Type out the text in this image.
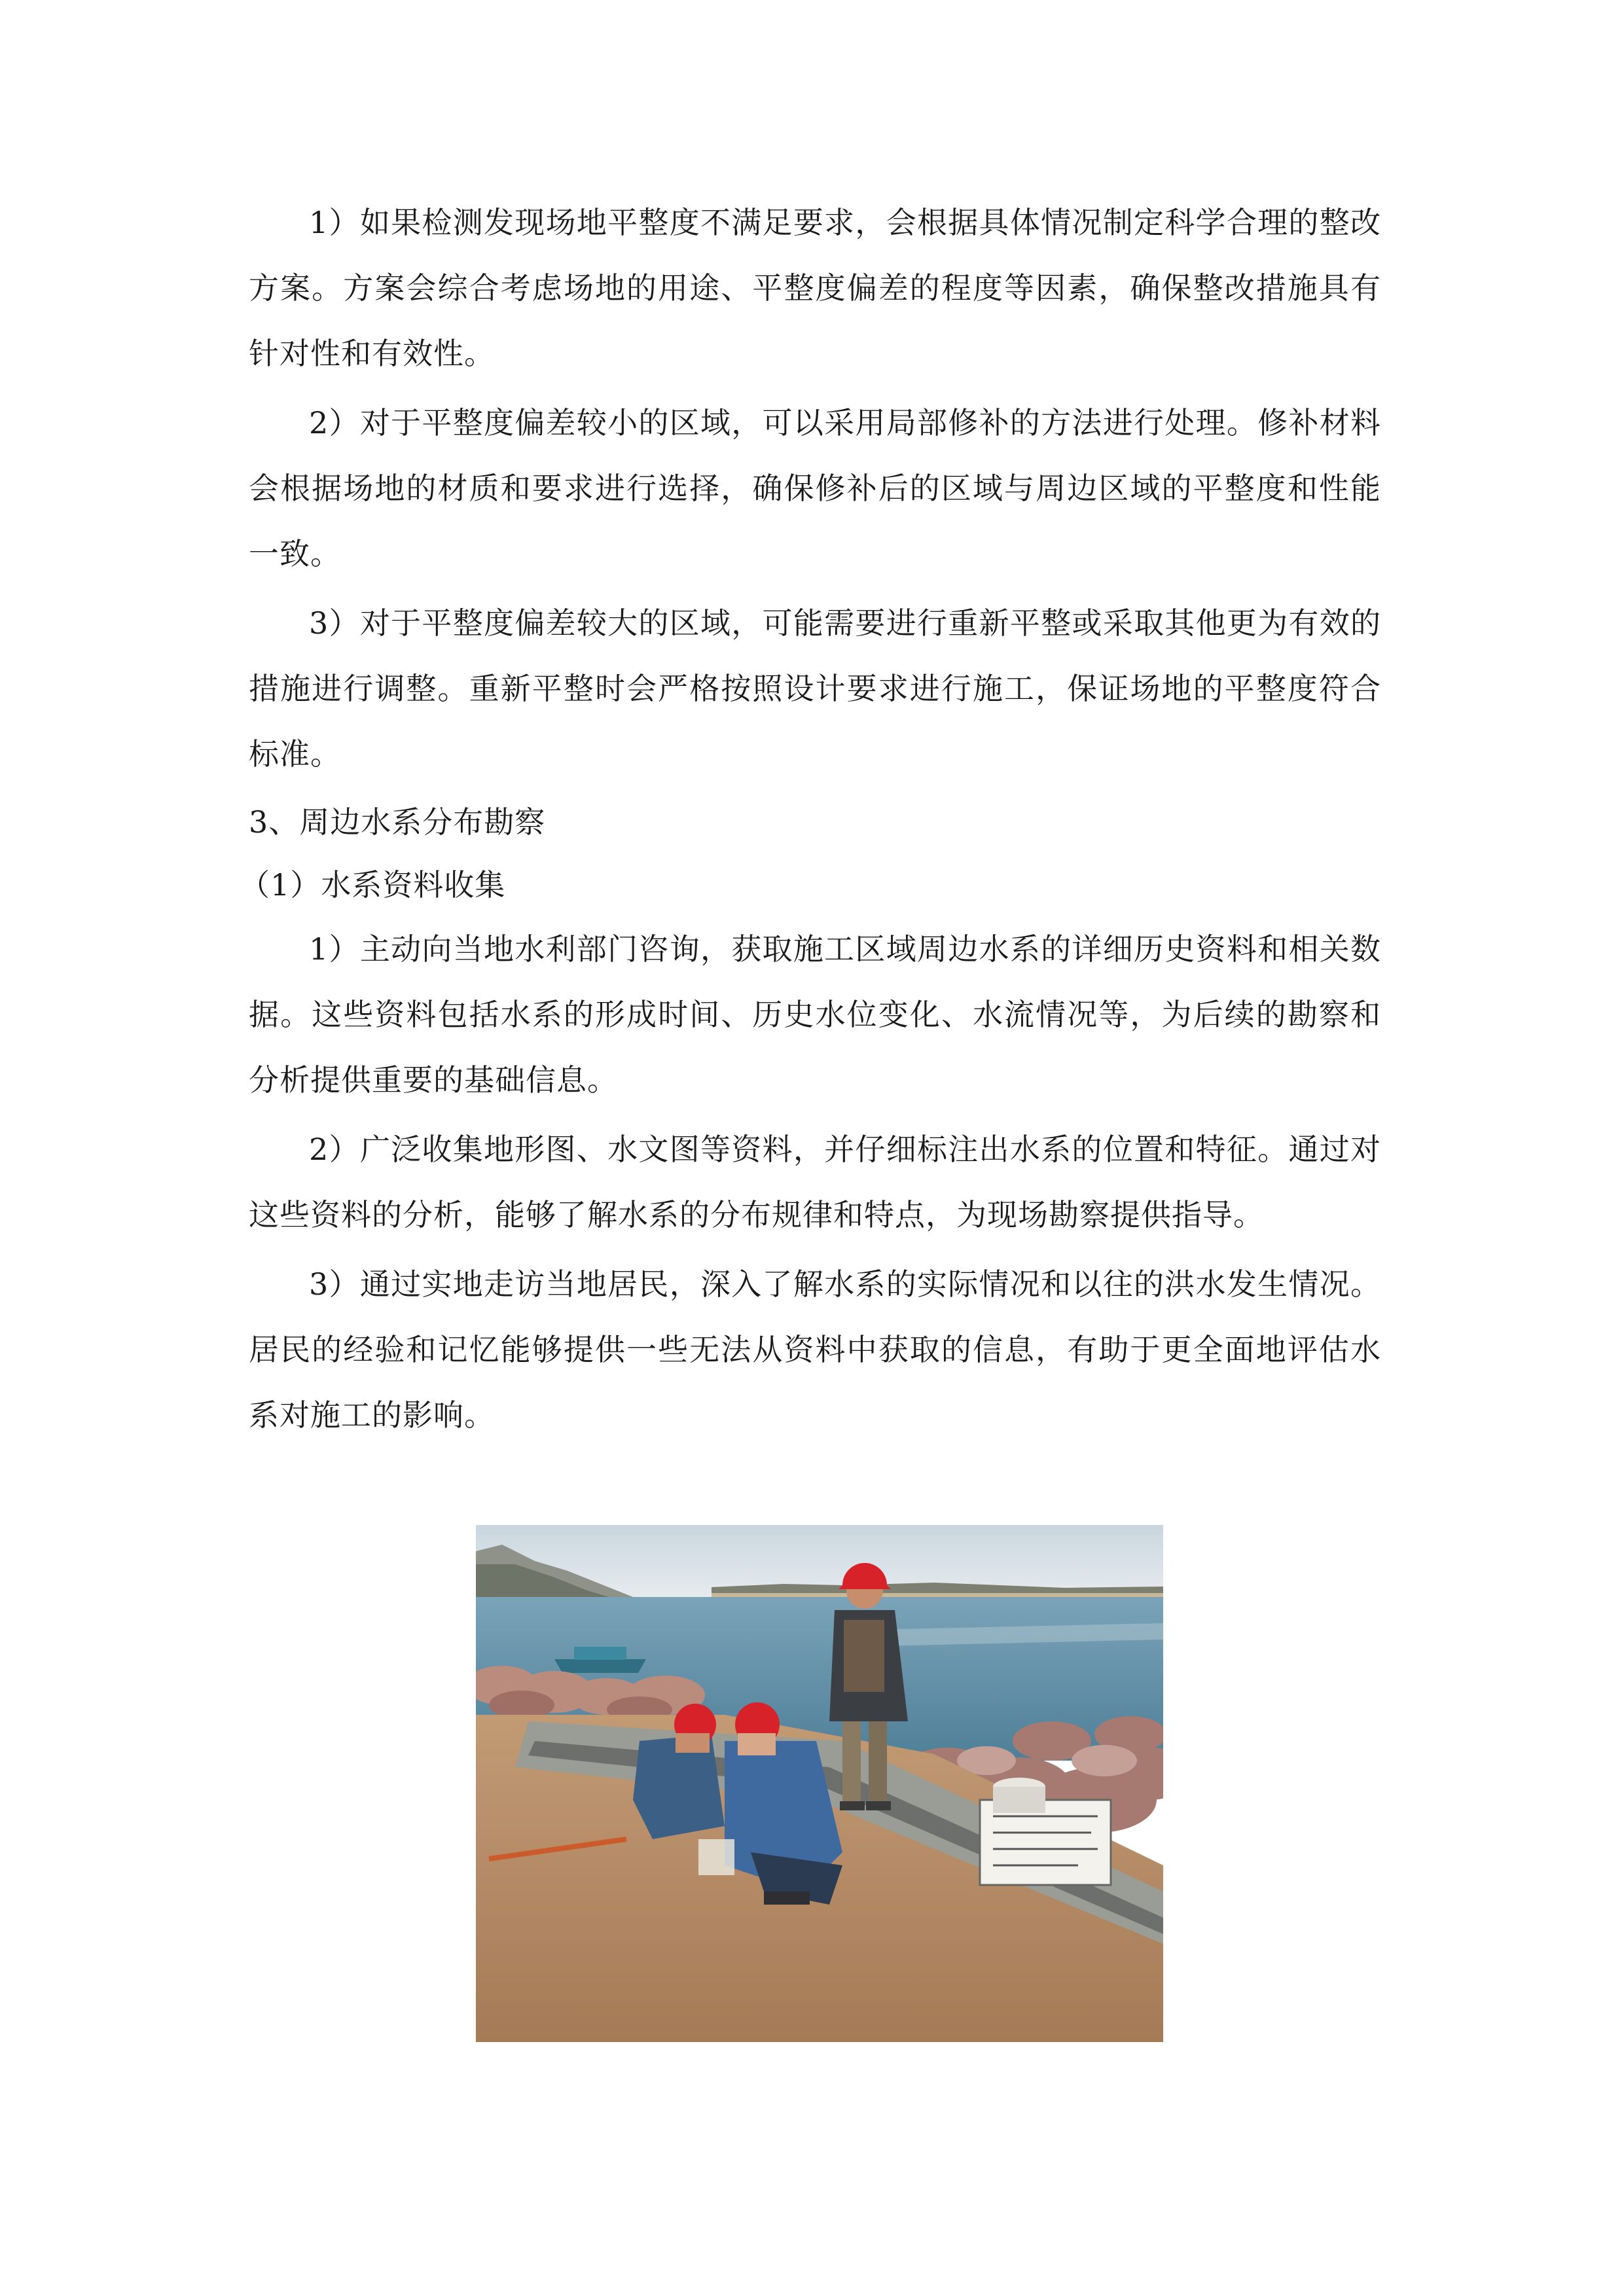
1）如果检测发现场地平整度不满足要求，会根据具体情况制定科学合理的整改方案。方案会综合考虑场地的用途、平整度偏差的程度等因素，确保整改措施具有针对性和有效性。

2）对于平整度偏差较小的区域，可以采用局部修补的方法进行处理。修补材料会根据场地的材质和要求进行选择，确保修补后的区域与周边区域的平整度和性能一致。

3）对于平整度偏差较大的区域，可能需要进行重新平整或采取其他更为有效的措施进行调整。重新平整时会严格按照设计要求进行施工，保证场地的平整度符合标准。

3、周边水系分布勘察

（1）水系资料收集

1）主动向当地水利部门咨询，获取施工区域周边水系的详细历史资料和相关数据。这些资料包括水系的形成时间、历史水位变化、水流情况等，为后续的勘察和分析提供重要的基础信息。

2）广泛收集地形图、水文图等资料，并仔细标注出水系的位置和特征。通过对这些资料的分析，能够了解水系的分布规律和特点，为现场勘察提供指导。

3）通过实地走访当地居民，深入了解水系的实际情况和以往的洪水发生情况。居民的经验和记忆能够提供一些无法从资料中获取的信息，有助于更全面地评估水系对施工的影响。
